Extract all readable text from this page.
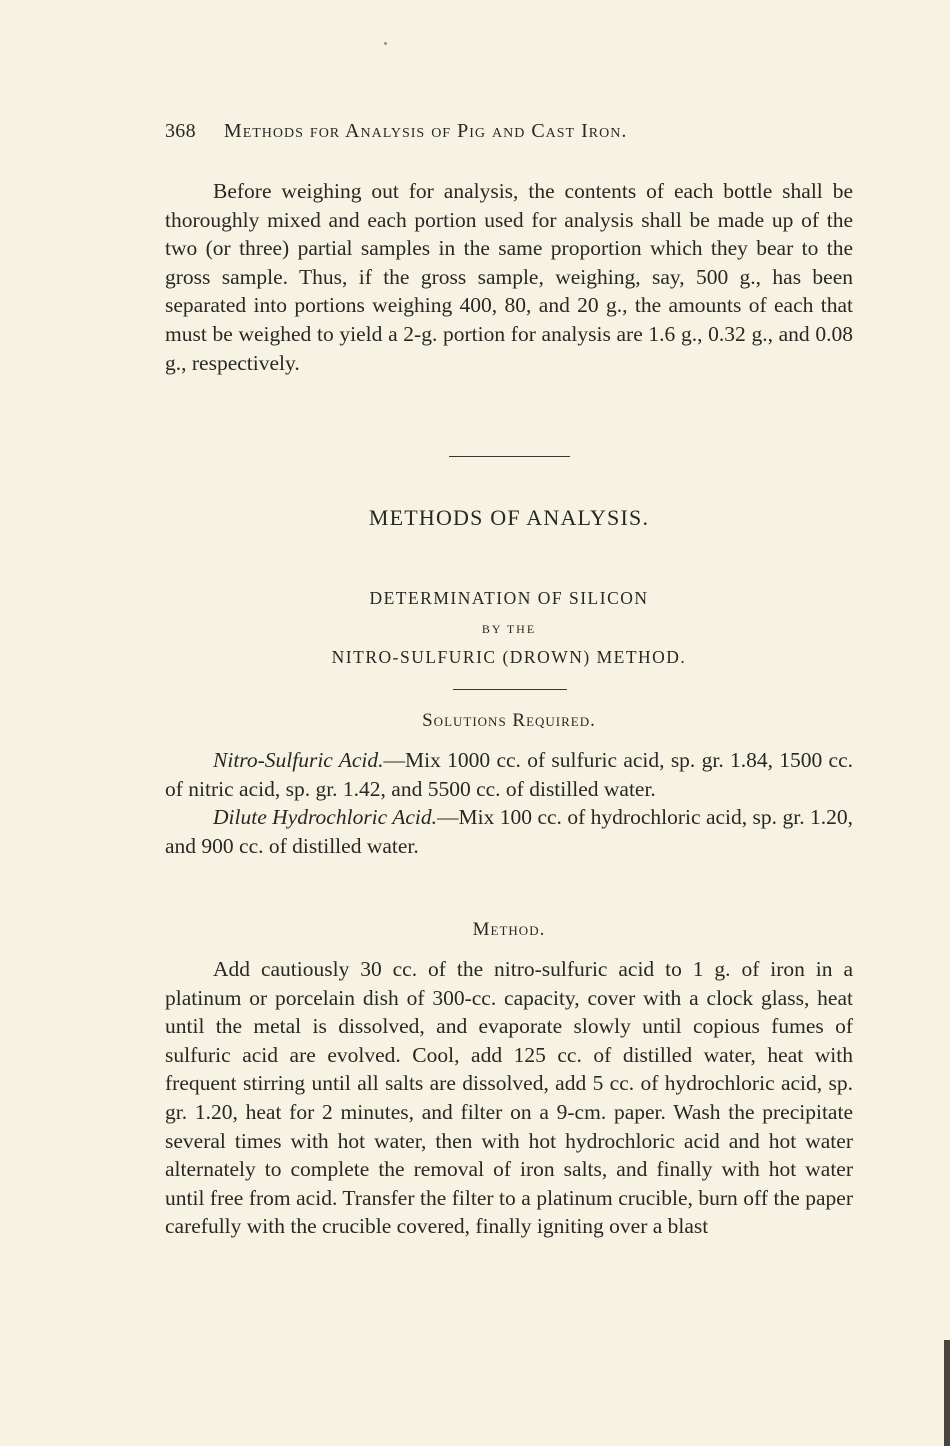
368 Methods for Analysis of Pig and Cast Iron.

Before weighing out for analysis, the contents of each bottle shall be thoroughly mixed and each portion used for analysis shall be made up of the two (or three) partial samples in the same proportion which they bear to the gross sample. Thus, if the gross sample, weighing, say, 500 g., has been separated into portions weighing 400, 80, and 20 g., the amounts of each that must be weighed to yield a 2-g. portion for analysis are 1.6 g., 0.32 g., and 0.08 g., respectively.

METHODS OF ANALYSIS.
DETERMINATION OF SILICON
BY THE
NITRO-SULFURIC (DROWN) METHOD.
Solutions Required.

Nitro-Sulfuric Acid.—Mix 1000 cc. of sulfuric acid, sp. gr. 1.84, 1500 cc. of nitric acid, sp. gr. 1.42, and 5500 cc. of distilled water.

Dilute Hydrochloric Acid.—Mix 100 cc. of hydrochloric acid, sp. gr. 1.20, and 900 cc. of distilled water.

Method.

Add cautiously 30 cc. of the nitro-sulfuric acid to 1 g. of iron in a platinum or porcelain dish of 300-cc. capacity, cover with a clock glass, heat until the metal is dissolved, and evaporate slowly until copious fumes of sulfuric acid are evolved. Cool, add 125 cc. of distilled water, heat with frequent stirring until all salts are dissolved, add 5 cc. of hydrochloric acid, sp. gr. 1.20, heat for 2 minutes, and filter on a 9-cm. paper. Wash the precipitate several times with hot water, then with hot hydrochloric acid and hot water alternately to complete the removal of iron salts, and finally with hot water until free from acid. Transfer the filter to a platinum crucible, burn off the paper carefully with the crucible covered, finally igniting over a blast
